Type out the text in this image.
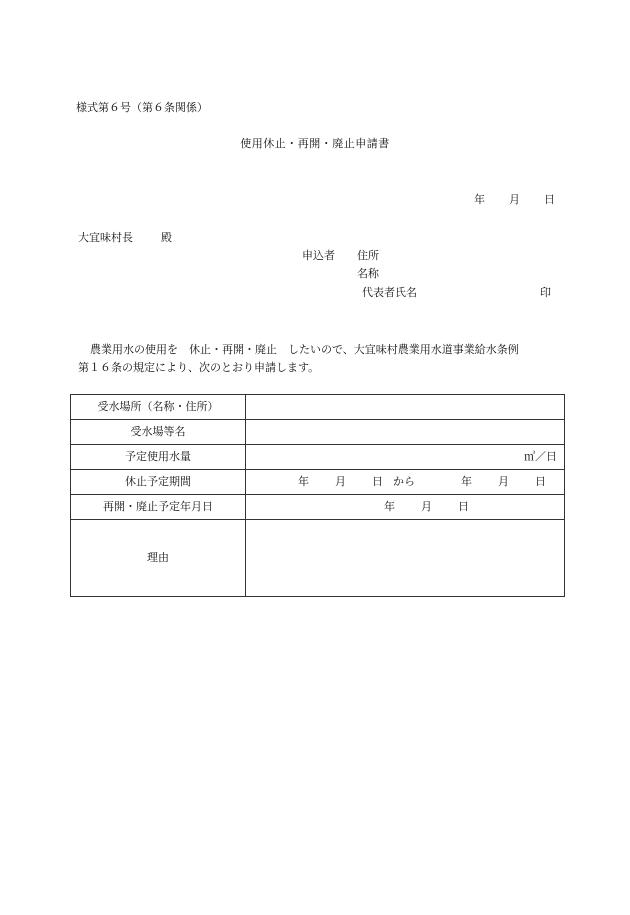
様式第６号（第６条関係）
使用休止・再開・廃止申請書
年 月 日
大宜味村長	殿
申込者 住所
名称
代表者氏名	印
農業用水の使用を　休止・再開・廃止　したいので、大宜味村農業用水道事業給水条例
第１６条の規定により、次のとおり申請します。
受水場所（名称・住所）	
受水場等名	
予定使用水量	㎥／日

休止予定期間	年 月 日 から 年 月 日

再開・廃止予定年月日	年 月 日

理由	
